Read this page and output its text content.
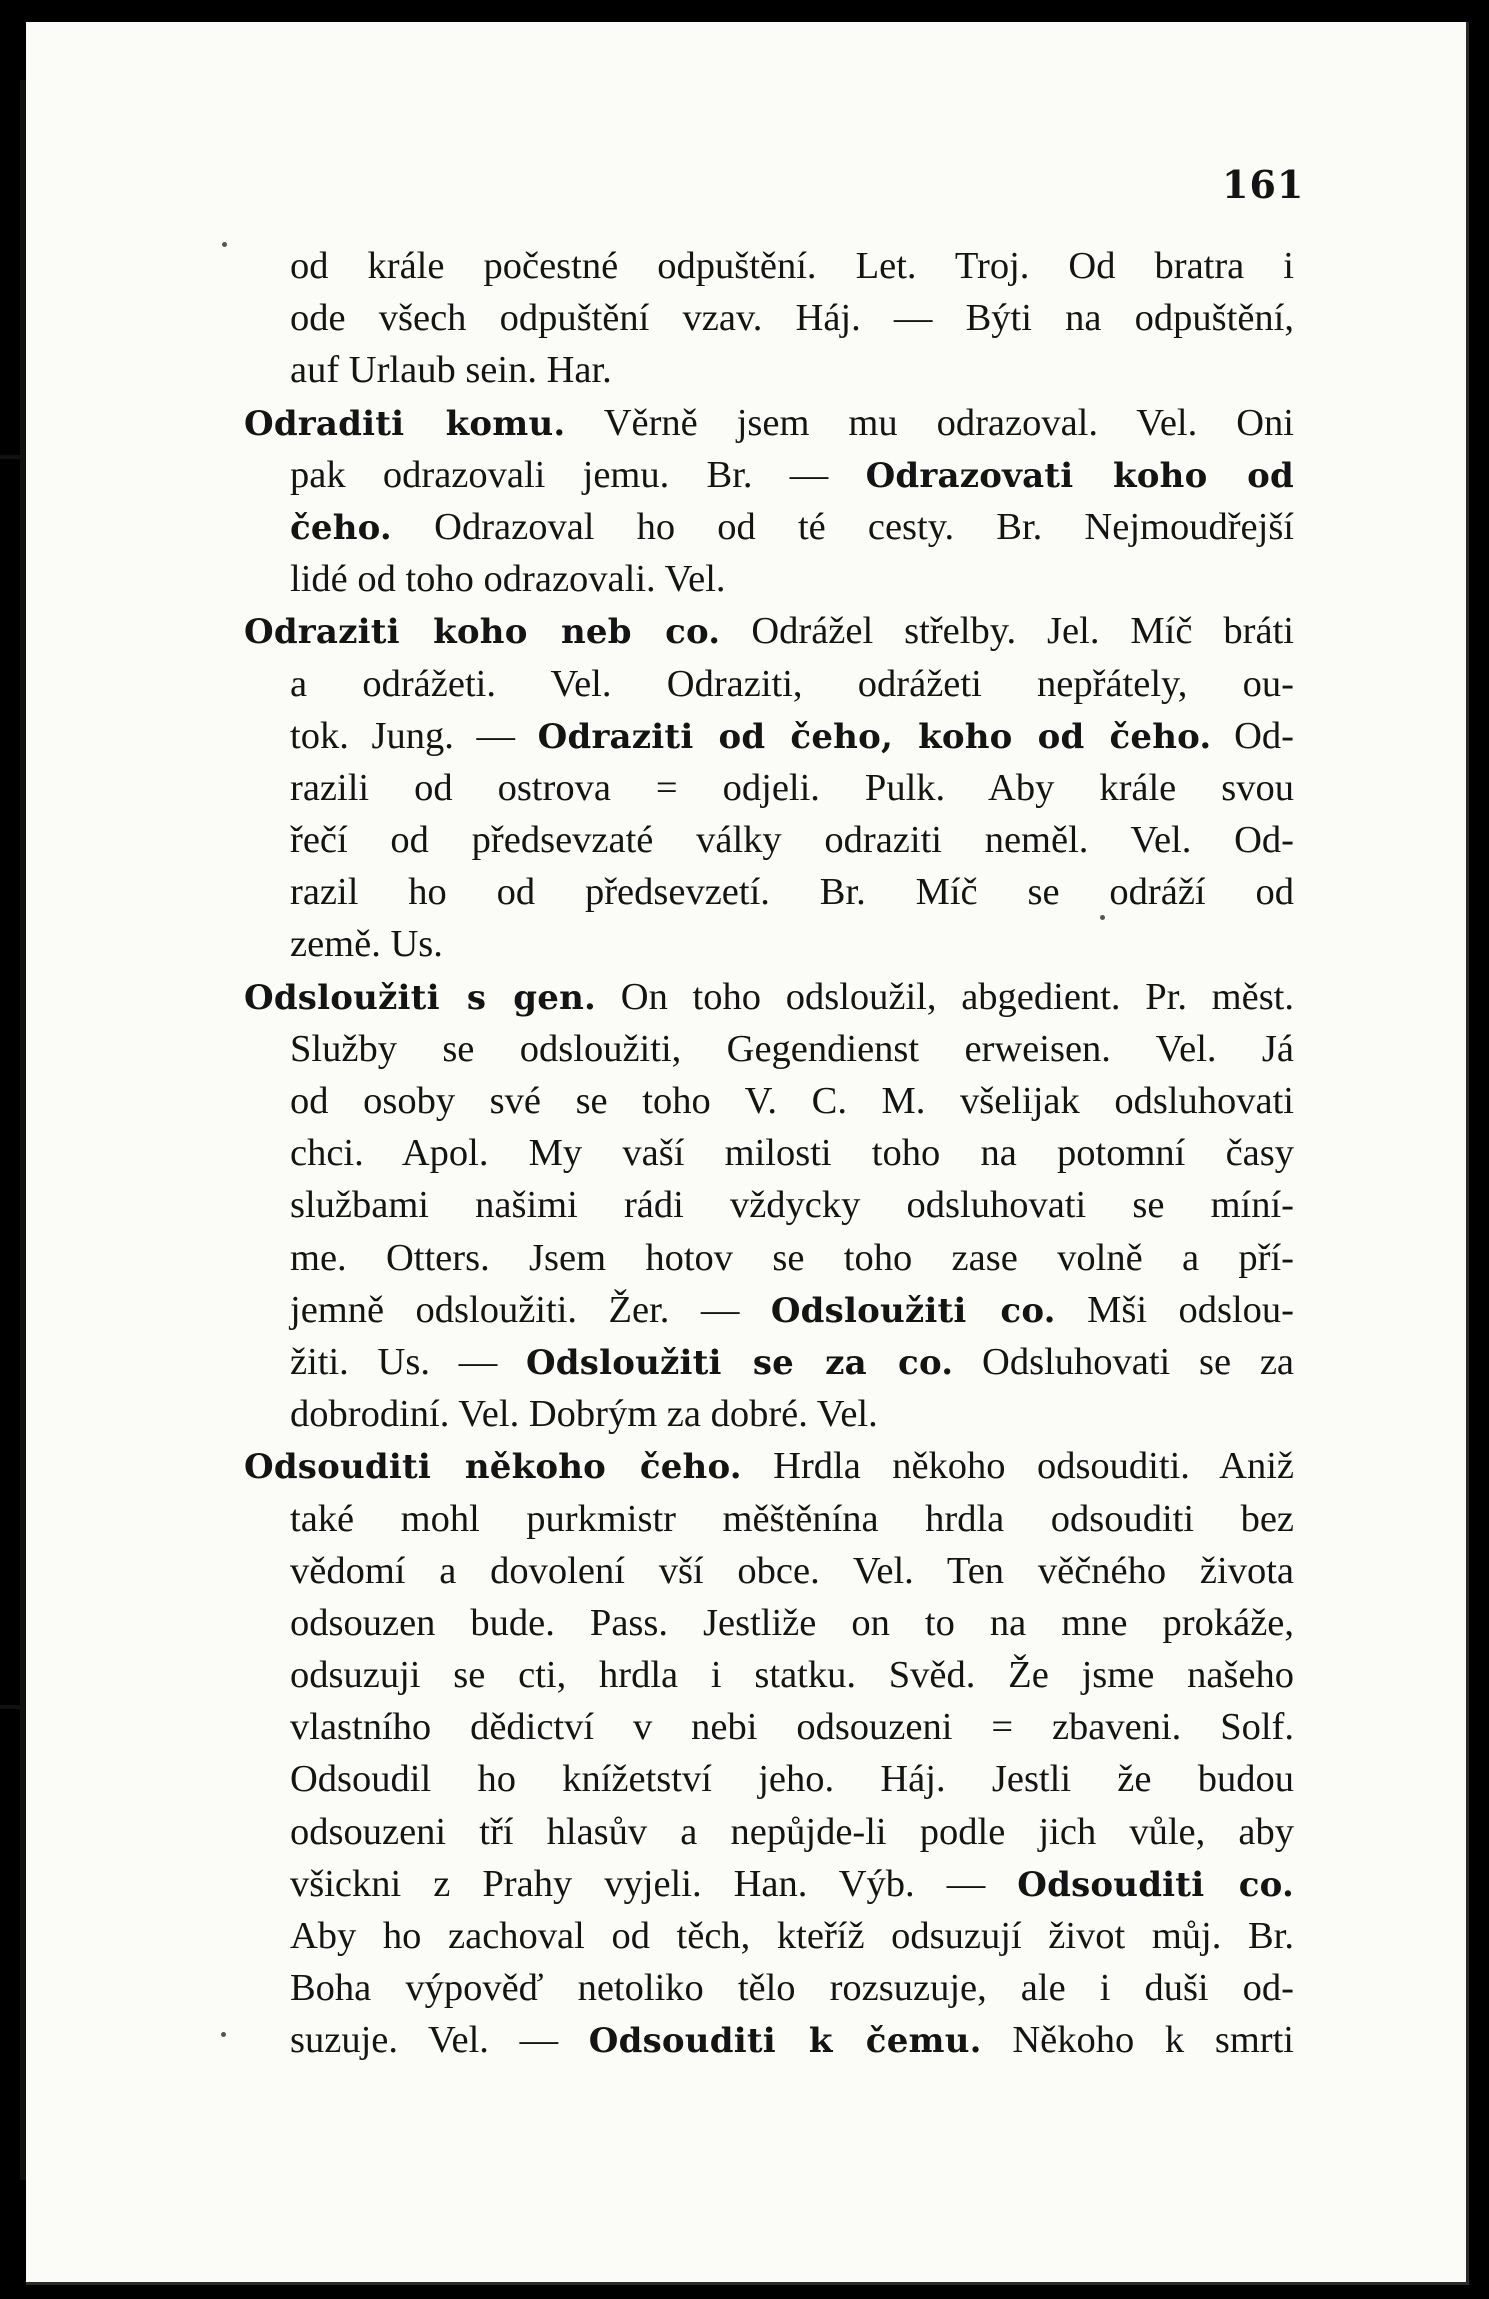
161
od krále počestné odpuštění. Let. Troj. Od bratra i
ode všech odpuštění vzav. Háj. — Býti na odpuštění,
auf Urlaub sein. Har.
Odraditi komu. Věrně jsem mu odrazoval. Vel. Oni
pak odrazovali jemu. Br. — Odrazovati koho od
čeho. Odrazoval ho od té cesty. Br. Nejmoudřejší
lidé od toho odrazovali. Vel.
Odraziti koho neb co. Odrážel střelby. Jel. Míč bráti
a odrážeti. Vel. Odraziti, odrážeti nepřátely, ou-
tok. Jung. — Odraziti od čeho, koho od čeho. Od-
razili od ostrova = odjeli. Pulk. Aby krále svou
řečí od předsevzaté války odraziti neměl. Vel. Od-
razil ho od předsevzetí. Br. Míč se odráží od
země. Us.
Odsloužiti s gen. On toho odsloužil, abgedient. Pr. měst.
Služby se odsloužiti, Gegendienst erweisen. Vel. Já
od osoby své se toho V. C. M. všelijak odsluhovati
chci. Apol. My vaší milosti toho na potomní časy
službami našimi rádi vždycky odsluhovati se míní-
me. Otters. Jsem hotov se toho zase volně a pří-
jemně odsloužiti. Žer. — Odsloužiti co. Mši odslou-
žiti. Us. — Odsloužiti se za co. Odsluhovati se za
dobrodiní. Vel. Dobrým za dobré. Vel.
Odsouditi někoho čeho. Hrdla někoho odsouditi. Aniž
také mohl purkmistr měštěnína hrdla odsouditi bez
vědomí a dovolení vší obce. Vel. Ten věčného života
odsouzen bude. Pass. Jestliže on to na mne prokáže,
odsuzuji se cti, hrdla i statku. Svěd. Že jsme našeho
vlastního dědictví v nebi odsouzeni = zbaveni. Solf.
Odsoudil ho knížetství jeho. Háj. Jestli že budou
odsouzeni tří hlasův a nepůjde-li podle jich vůle, aby
všickni z Prahy vyjeli. Han. Výb. — Odsouditi co.
Aby ho zachoval od těch, kteříž odsuzují život můj. Br.
Boha výpověď netoliko tělo rozsuzuje, ale i duši od-
suzuje. Vel. — Odsouditi k čemu. Někoho k smrti
